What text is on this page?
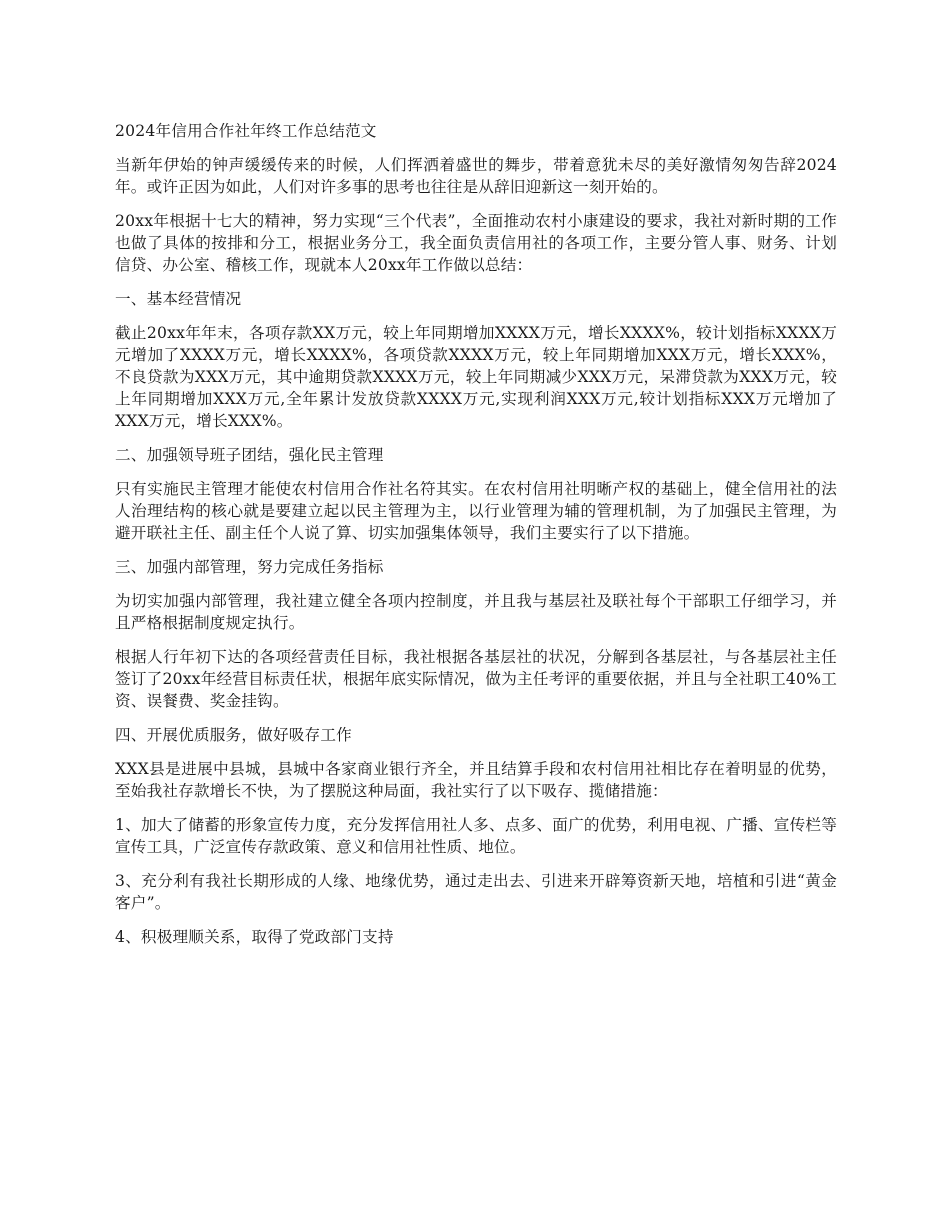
2024年信用合作社年终工作总结范文

当新年伊始的钟声缓缓传来的时候，人们挥洒着盛世的舞步，带着意犹未尽的美好激情匆匆告辞2024年。或许正因为如此，人们对许多事的思考也往往是从辞旧迎新这一刻开始的。

20xx年根据十七大的精神，努力实现“三个代表”，全面推动农村小康建设的要求，我社对新时期的工作也做了具体的按排和分工，根据业务分工，我全面负责信用社的各项工作，主要分管人事、财务、计划信贷、办公室、稽核工作，现就本人20xx年工作做以总结：

一、基本经营情况

截止20xx年年末，各项存款XX万元，较上年同期增加XXXX万元，增长XXXX%，较计划指标XXXX万元增加了XXXX万元，增长XXXX%，各项贷款XXXX万元，较上年同期增加XXX万元，增长XXX%，不良贷款为XXX万元，其中逾期贷款XXXX万元，较上年同期减少XXX万元，呆滞贷款为XXX万元，较上年同期增加XXX万元,全年累计发放贷款XXXX万元,实现利润XXX万元,较计划指标XXX万元增加了XXX万元，增长XXX%。

二、加强领导班子团结，强化民主管理

只有实施民主管理才能使农村信用合作社名符其实。在农村信用社明晰产权的基础上，健全信用社的法人治理结构的核心就是要建立起以民主管理为主，以行业管理为辅的管理机制，为了加强民主管理，为避开联社主任、副主任个人说了算、切实加强集体领导，我们主要实行了以下措施。

三、加强内部管理，努力完成任务指标

为切实加强内部管理，我社建立健全各项内控制度，并且我与基层社及联社每个干部职工仔细学习，并且严格根据制度规定执行。

根据人行年初下达的各项经营责任目标，我社根据各基层社的状况，分解到各基层社，与各基层社主任签订了20xx年经营目标责任状，根据年底实际情况，做为主任考评的重要依据，并且与全社职工40%工资、误餐费、奖金挂钩。

四、开展优质服务，做好吸存工作

XXX县是进展中县城，县城中各家商业银行齐全，并且结算手段和农村信用社相比存在着明显的优势，至始我社存款增长不快，为了摆脱这种局面，我社实行了以下吸存、揽储措施：

1、加大了储蓄的形象宣传力度，充分发挥信用社人多、点多、面广的优势，利用电视、广播、宣传栏等宣传工具，广泛宣传存款政策、意义和信用社性质、地位。

3、充分利有我社长期形成的人缘、地缘优势，通过走出去、引进来开辟筹资新天地，培植和引进“黄金客户”。

4、积极理顺关系，取得了党政部门支持
